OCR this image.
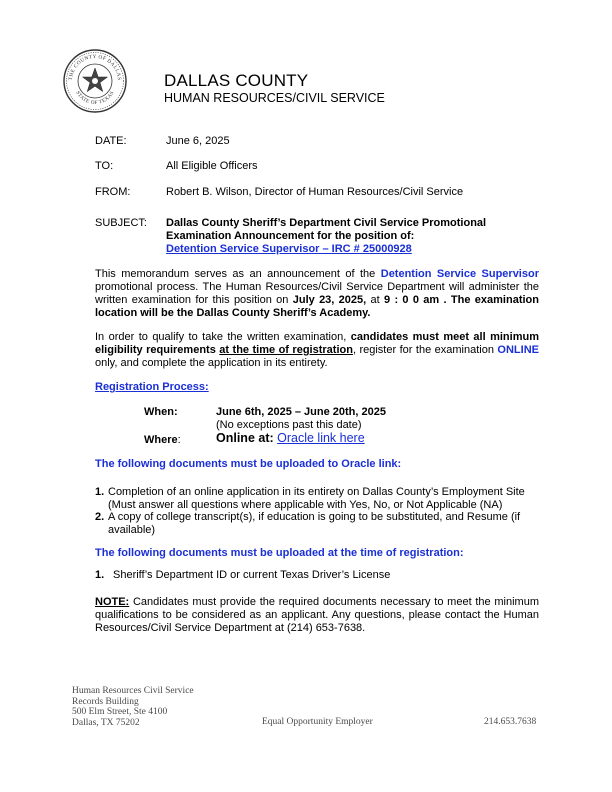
THE COUNTY OF DALLAS
STATE OF TEXAS
DALLAS COUNTY
HUMAN RESOURCES/CIVIL SERVICE
DATE:	June 6, 2025
TO:	All Eligible Officers
FROM:	Robert B. Wilson, Director of Human Resources/Civil Service
SUBJECT: Dallas County Sheriff’s Department Civil Service Promotional
Examination Announcement for the position of:
Detention Service Supervisor – IRC # 25000928
This memorandum serves as an announcement of the Detention Service Supervisor promotional process. The Human Resources/Civil Service Department will administer the written examination for this position on July 23, 2025, at 9 : 0 0 am . The examination location will be the Dallas County Sheriff’s Academy.
In order to qualify to take the written examination, candidates must meet all minimum eligibility requirements at the time of registration, register for the examination ONLINE only, and complete the application in its entirety.
Registration Process:
When:	June 6th, 2025 – June 20th, 2025
(No exceptions past this date)
Where:	Online at: Oracle link here
The following documents must be uploaded to Oracle link:
1. Completion of an online application in its entirety on Dallas County’s Employment Site
(Must answer all questions where applicable with Yes, No, or Not Applicable (NA)
2. A copy of college transcript(s), if education is going to be substituted, and Resume (if
available)
The following documents must be uploaded at the time of registration:
1. Sheriff’s Department ID or current Texas Driver’s License
NOTE: Candidates must provide the required documents necessary to meet the minimum qualifications to be considered as an applicant. Any questions, please contact the Human Resources/Civil Service Department at (214) 653-7638.
Human Resources Civil Service
Records Building
500 Elm Street, Ste 4100
Dallas, TX 75202	Equal Opportunity Employer	214.653.7638
